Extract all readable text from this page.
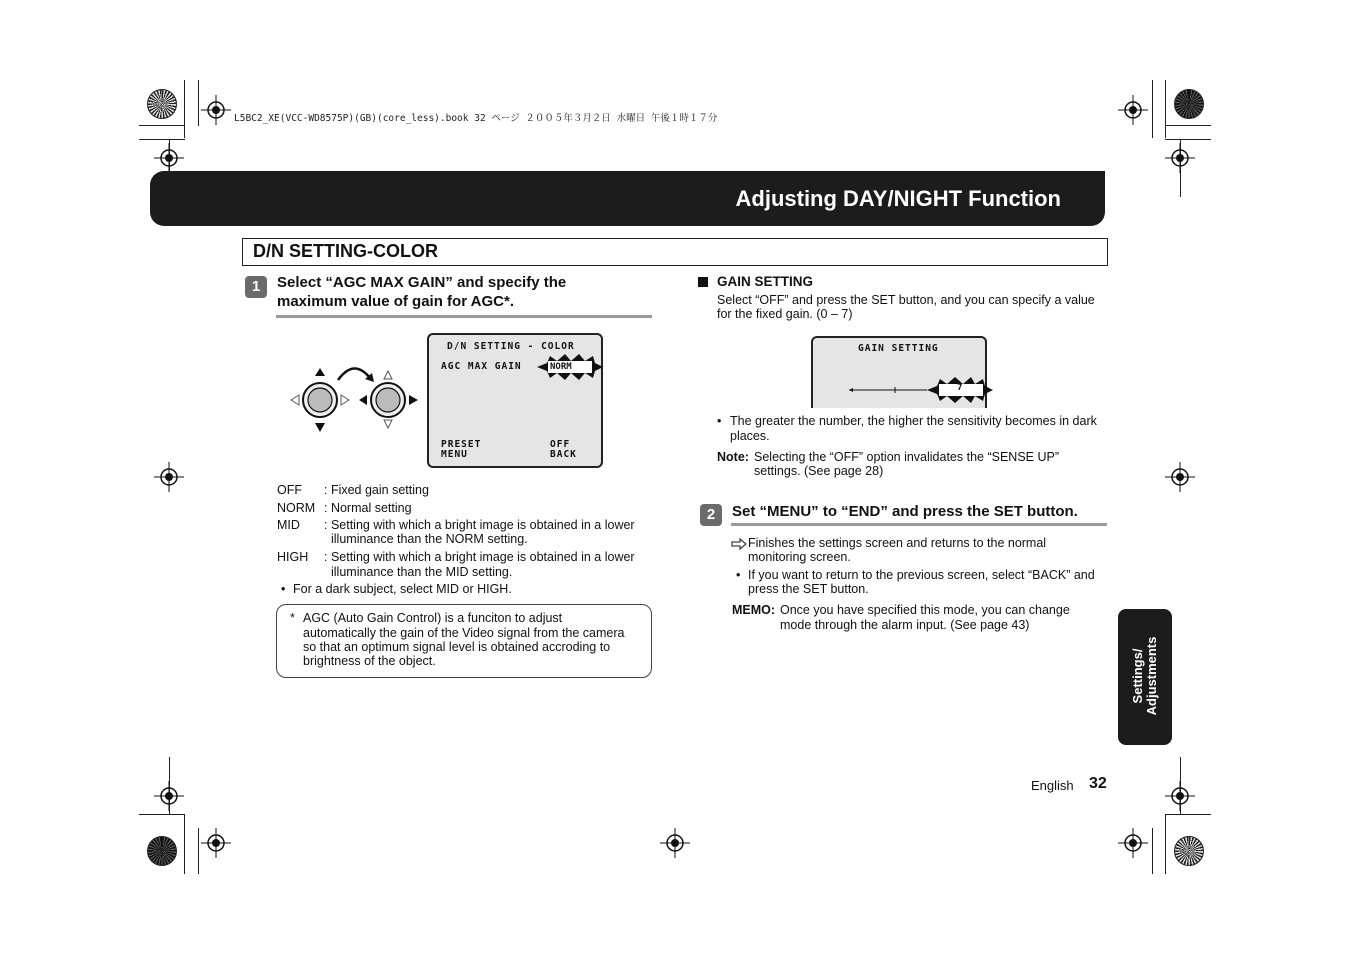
L5BC2_XE(VCC-WD8575P)(GB)(core_less).book 32 ページ ２００５年３月２日 水曜日 午後１時１７分
Adjusting DAY/NIGHT Function
D/N SETTING-COLOR
1	Select “AGC MAX GAIN” and specify the
maximum value of gain for AGC*.
D/N SETTING - COLOR
AGC MAX GAIN	NORM
PRESET
MENU
OFF
BACK
OFF : Fixed gain setting
NORM : Normal setting
MID : Setting with which a bright image is obtained in a lower
illuminance than the NORM setting.
HIGH : Setting with which a bright image is obtained in a lower
illuminance than the MID setting.
• For a dark subject, select MID or HIGH.
* AGC (Auto Gain Control) is a funciton to adjust
automatically the gain of the Video signal from the camera
so that an optimum signal level is obtained accroding to
brightness of the object.
GAIN SETTING
Select “OFF” and press the SET button, and you can specify a value
for the fixed gain. (0 – 7)
GAIN SETTING
7
• The greater the number, the higher the sensitivity becomes in dark
places.
Note: Selecting the “OFF” option invalidates the “SENSE UP”
settings. (See page 28)
2	Set “MENU” to “END” and press the SET button.
Finishes the settings screen and returns to the normal
monitoring screen.
• If you want to return to the previous screen, select “BACK” and
press the SET button.
MEMO: Once you have specified this mode, you can change
mode through the alarm input. (See page 43)
Settings/ Adjustments
English 32
